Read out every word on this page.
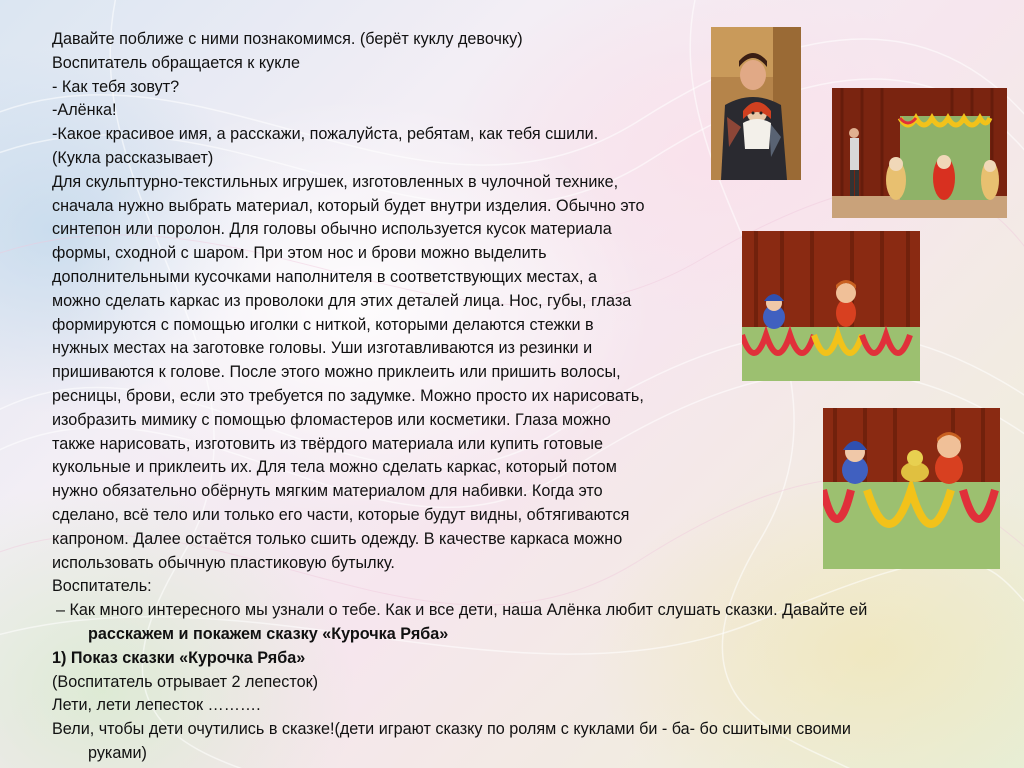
Давайте поближе с ними познакомимся. (берёт куклу девочку)
Воспитатель обращается к кукле
- Как тебя зовут?
-Алёнка!
-Какое красивое имя, а расскажи, пожалуйста, ребятам, как тебя сшили.
(Кукла рассказывает)
Для скульптурно-текстильных игрушек, изготовленных в чулочной технике,
сначала нужно выбрать материал, который будет внутри изделия. Обычно это
синтепон или поролон. Для головы обычно используется кусок материала
формы, сходной с шаром. При этом нос и брови можно выделить
дополнительными кусочками наполнителя в соответствующих местах, а
можно сделать каркас из проволоки для этих деталей лица. Нос, губы, глаза
формируются с помощью иголки с ниткой, которыми делаются стежки в
нужных местах на заготовке головы. Уши изготавливаются из резинки и
пришиваются к голове. После этого можно приклеить или пришить волосы,
ресницы, брови, если это требуется по задумке. Можно просто их нарисовать,
изобразить мимику с помощью фломастеров или косметики. Глаза можно
также нарисовать, изготовить из твёрдого материала или купить готовые
кукольные и приклеить их. Для тела можно сделать каркас, который потом
нужно обязательно обёрнуть мягким материалом для набивки. Когда это
сделано, всё тело или только его части, которые будут видны, обтягиваются
капроном. Далее остаётся только сшить одежду. В качестве каркаса можно
использовать обычную пластиковую бутылку.
Воспитатель:
– Как много интересного мы узнали о тебе. Как и все дети, наша Алёнка любит слушать сказки. Давайте ей
расскажем и покажем сказку «Курочка Ряба»
1) Показ сказки «Курочка Ряба»
(Воспитатель отрывает 2 лепесток)
Лети, лети лепесток ……….
Вели, чтобы дети очутились в сказке!(дети играют сказку по ролям с куклами би - ба- бо сшитыми своими
руками)
